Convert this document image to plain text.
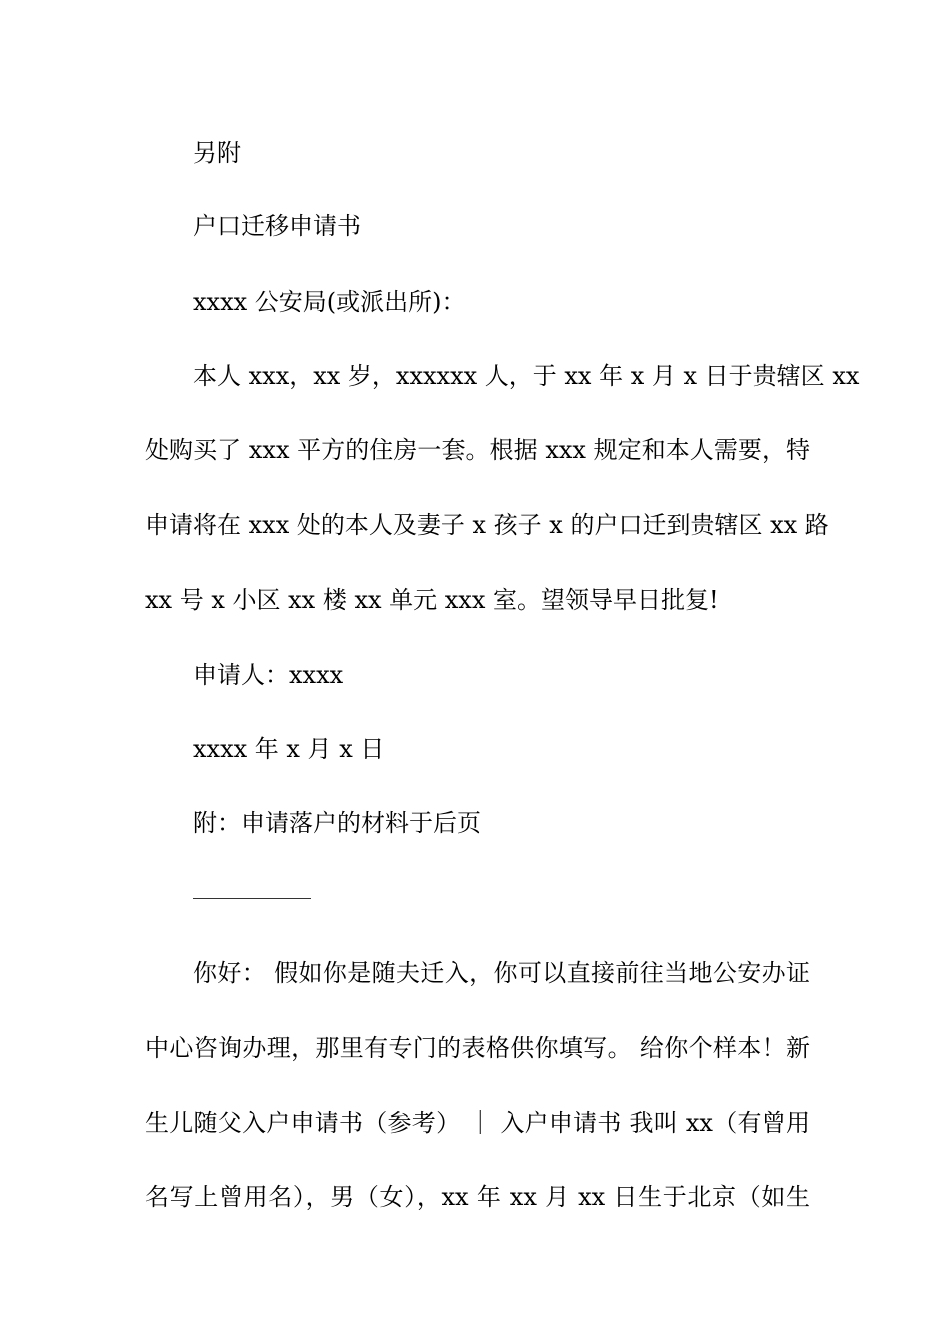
另附
户口迁移申请书
xxxx 公安局(或派出所)：
本人 xxx，xx 岁，xxxxxx 人，于 xx 年 x 月 x 日于贵辖区 xx
处购买了 xxx 平方的住房一套。根据 xxx 规定和本人需要，特
申请将在 xxx 处的本人及妻子 x 孩子 x 的户口迁到贵辖区 xx 路
xx 号 x 小区 xx 楼 xx 单元 xxx 室。望领导早日批复!
申请人：xxxx
xxxx 年 x 月 x 日
附：申请落户的材料于后页
你好： 假如你是随夫迁入，你可以直接前往当地公安办证
中心咨询办理，那里有专门的表格供你填写。 给你个样本！新
生儿随父入户申请书（参考） ｜ 入户申请书 我叫 xx（有曾用
名写上曾用名），男（女），xx 年 xx 月 xx 日生于北京（如生
